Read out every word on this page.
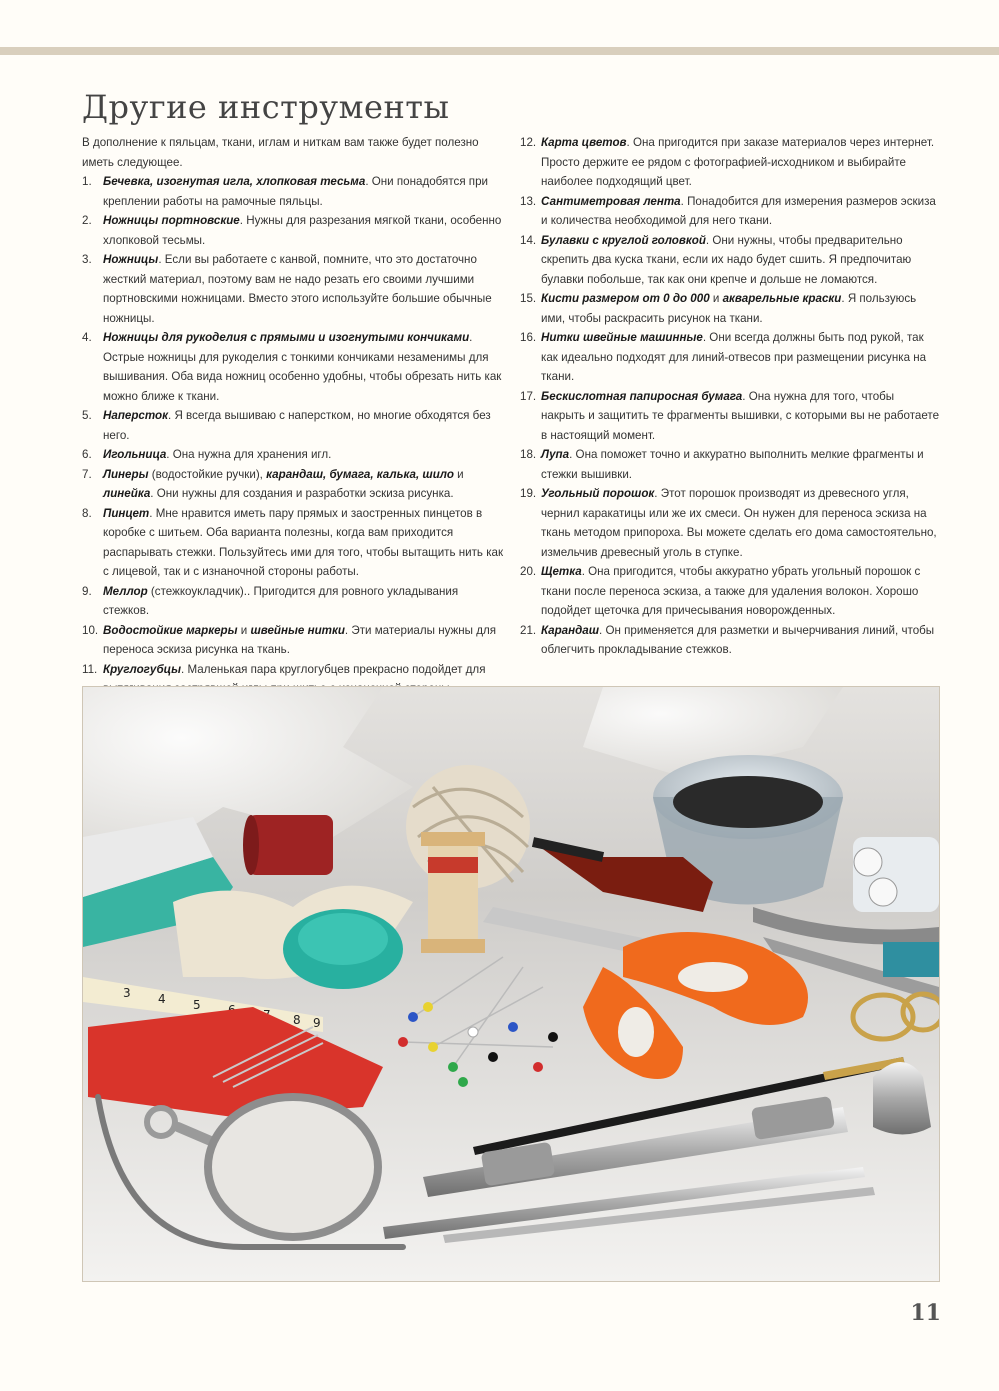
Другие инструменты

В дополнение к пяльцам, ткани, иглам и ниткам вам также будет полезно иметь следующее.

1. Бечевка, изогнутая игла, хлопковая тесьма. Они понадобятся при креплении работы на рамочные пяльцы.
2. Ножницы портновские. Нужны для разрезания мягкой ткани, особенно хлопковой тесьмы.
3. Ножницы. Если вы работаете с канвой, помните, что это достаточно жесткий материал, поэтому вам не надо резать его своими лучшими портновскими ножницами. Вместо этого используйте большие обычные ножницы.
4. Ножницы для рукоделия с прямыми и изогнутыми кончиками. Острые ножницы для рукоделия с тонкими кончиками незаменимы для вышивания. Оба вида ножниц особенно удобны, чтобы обрезать нить как можно ближе к ткани.
5. Наперсток. Я всегда вышиваю с наперстком, но многие обходятся без него.
6. Игольница. Она нужна для хранения игл.
7. Линеры (водостойкие ручки), карандаш, бумага, калька, шило и линейка. Они нужны для создания и разработки эскиза рисунка.
8. Пинцет. Мне нравится иметь пару прямых и заостренных пинцетов в коробке с шитьем. Оба варианта полезны, когда вам приходится распарывать стежки. Пользуйтесь ими для того, чтобы вытащить нить как с лицевой, так и с изнаночной стороны работы.
9. Меллор (стежкоукладчик).. Пригодится для ровного укладывания стежков.
10. Водостойкие маркеры и швейные нитки. Эти материалы нужны для переноса эскиза рисунка на ткань.
11. Круглогубцы. Маленькая пара круглогубцев прекрасно подойдет для
12. Карта цветов. Она пригодится при заказе материалов через интернет. Просто держите ее рядом с фотографией-исходником и выбирайте наиболее подходящий цвет.
13. Сантиметровая лента. Понадобится для измерения размеров эскиза и количества необходимой для него ткани.
14. Булавки с круглой головкой. Они нужны, чтобы предварительно скрепить два куска ткани, если их надо будет сшить. Я предпочитаю булавки побольше, так как они крепче и дольше не ломаются.
15. Кисти размером от 0 до 000 и акварельные краски. Я пользуюсь ими, чтобы раскрасить рисунок на ткани.
16. Нитки швейные машинные. Они всегда должны быть под рукой, так как идеально подходят для линий-отвесов при размещении рисунка на ткани.
17. Бескислотная папиросная бумага. Она нужна для того, чтобы накрыть и защитить те фрагменты вышивки, с которыми вы не работаете в настоящий момент.
18. Лупа. Она поможет точно и аккуратно выполнить мелкие фрагменты и стежки вышивки.
19. Угольный порошок. Этот порошок производят из древесного угля, чернил каракатицы или же их смеси. Он нужен для переноса эскиза на ткань методом припороха. Вы можете сделать его дома самостоятельно, измельчив древесный уголь в ступке.
20. Щетка. Она пригодится, чтобы аккуратно убрать угольный порошок с ткани после переноса эскиза, а также для удаления волокон. Хорошо подойдет щеточка для причесывания новорожденных.
21. Карандаш. Он применяется для разметки и вычерчивания линий, чтобы облегчить прокладывание стежков.
3 4 5
8 9
11
